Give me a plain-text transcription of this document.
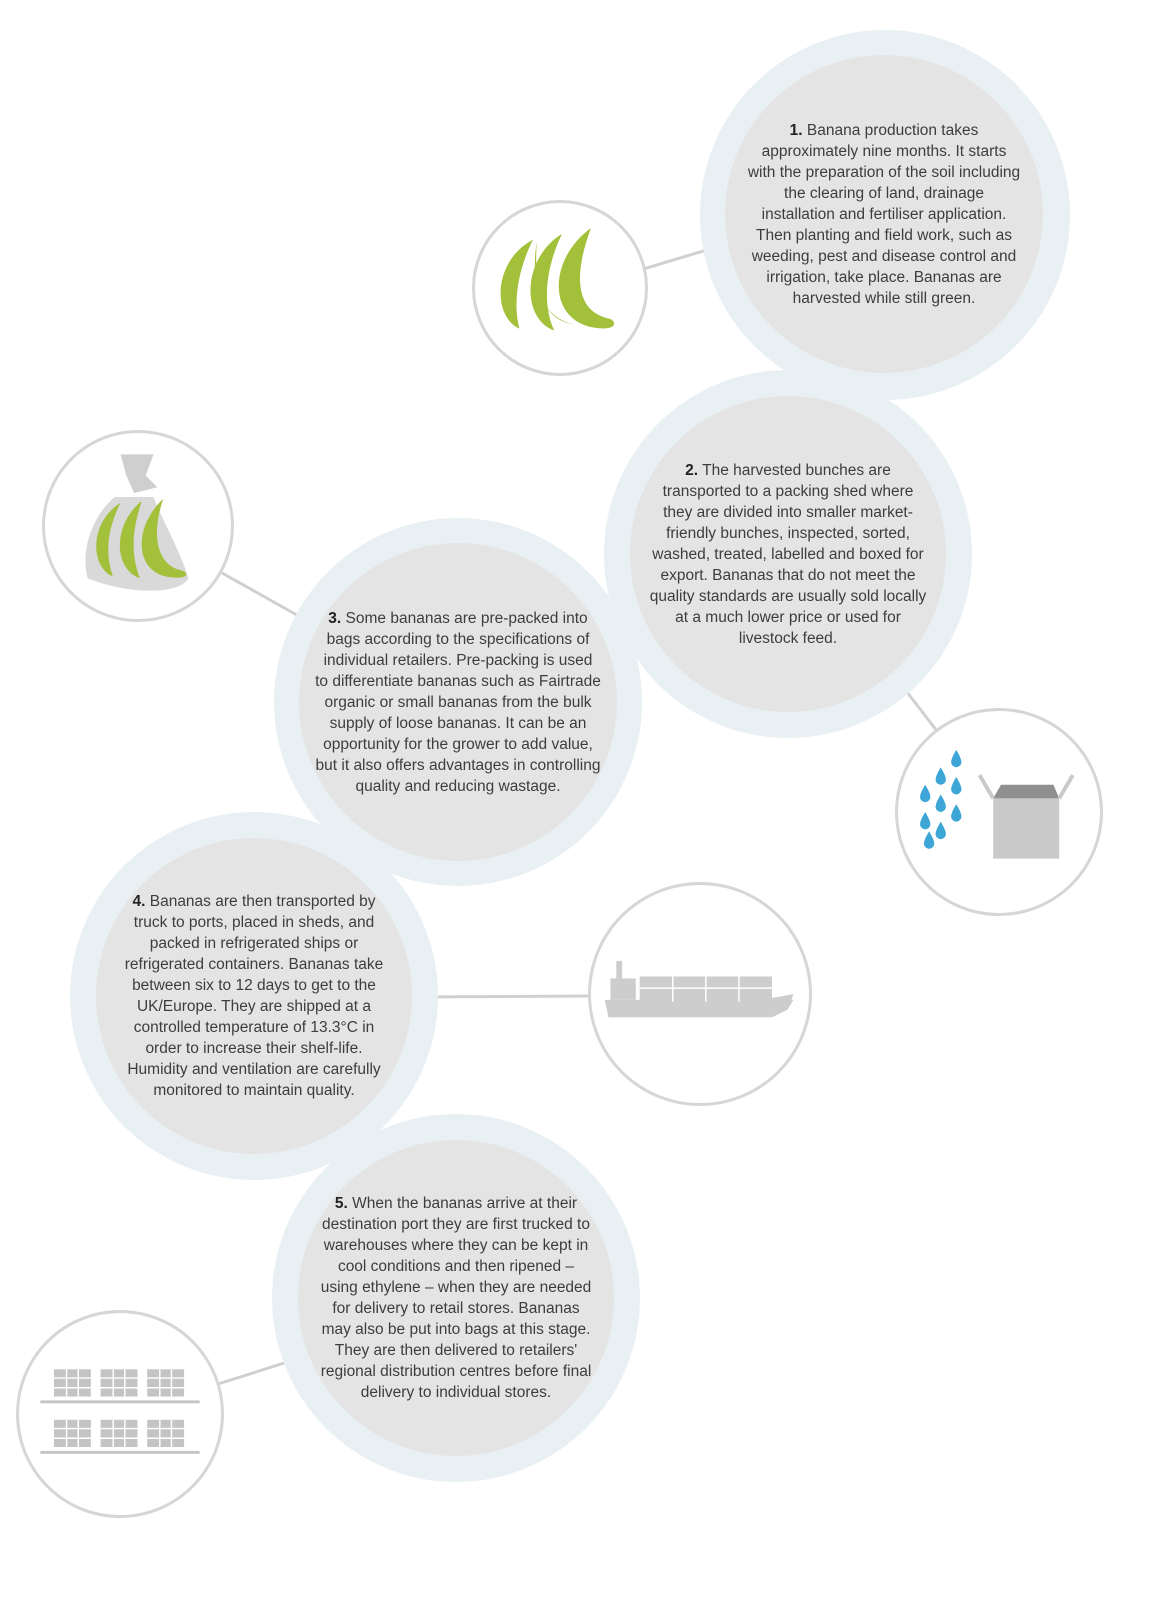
1. Banana production takes approximately nine months. It starts with the preparation of the soil including the clearing of land, drainage installation and fertiliser application. Then planting and field work, such as weeding, pest and disease control and irrigation, take place. Bananas are harvested while still green.

2. The harvested bunches are transported to a packing shed where they are divided into smaller market-friendly bunches, inspected, sorted, washed, treated, labelled and boxed for export. Bananas that do not meet the quality standards are usually sold locally at a much lower price or used for livestock feed.

3. Some bananas are pre-packed into bags according to the specifications of individual retailers. Pre-packing is used to differentiate bananas such as Fairtrade organic or small bananas from the bulk supply of loose bananas. It can be an opportunity for the grower to add value, but it also offers advantages in controlling quality and reducing wastage.

4. Bananas are then transported by truck to ports, placed in sheds, and packed in refrigerated ships or refrigerated containers. Bananas take between six to 12 days to get to the UK/Europe. They are shipped at a controlled temperature of 13.3°C in order to increase their shelf-life. Humidity and ventilation are carefully monitored to maintain quality.

5. When the bananas arrive at their destination port they are first trucked to warehouses where they can be kept in cool conditions and then ripened – using ethylene – when they are needed for delivery to retail stores. Bananas may also be put into bags at this stage. They are then delivered to retailers' regional distribution centres before final delivery to individual stores.
